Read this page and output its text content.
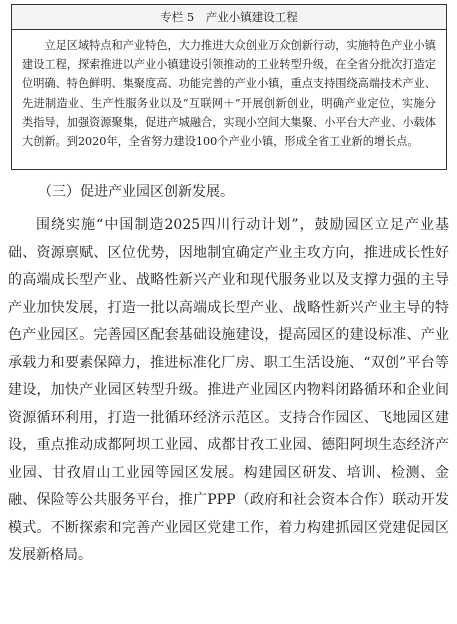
专栏 5　产业小镇建设工程

立足区域特点和产业特色，大力推进大众创业万众创新行动，实施特色产业小镇建设工程，探索推进以产业小镇建设引领推动的工业转型升级，在全省分批次打造定位明确、特色鲜明、集聚度高、功能完善的产业小镇，重点支持围绕高端技术产业、先进制造业、生产性服务业以及“互联网＋”开展创新创业，明确产业定位，实施分类指导，加强资源聚集，促进产城融合，实现小空间大集聚、小平台大产业、小载体大创新。到2020年，全省努力建设100个产业小镇，形成全省工业新的增长点。

（三）促进产业园区创新发展。

围绕实施“中国制造2025四川行动计划”，鼓励园区立足产业基础、资源禀赋、区位优势，因地制宜确定产业主攻方向，推进成长性好的高端成长型产业、战略性新兴产业和现代服务业以及支撑力强的主导产业加快发展，打造一批以高端成长型产业、战略性新兴产业主导的特色产业园区。完善园区配套基础设施建设，提高园区的建设标准、产业承载力和要素保障力，推进标准化厂房、职工生活设施、“双创”平台等建设，加快产业园区转型升级。推进产业园区内物料闭路循环和企业间资源循环利用，打造一批循环经济示范区。支持合作园区、飞地园区建设，重点推动成都阿坝工业园、成都甘孜工业园、德阳阿坝生态经济产业园、甘孜眉山工业园等园区发展。构建园区研发、培训、检测、金融、保险等公共服务平台，推广PPP（政府和社会资本合作）联动开发模式。不断探索和完善产业园区党建工作，着力构建抓园区党建促园区发展新格局。
